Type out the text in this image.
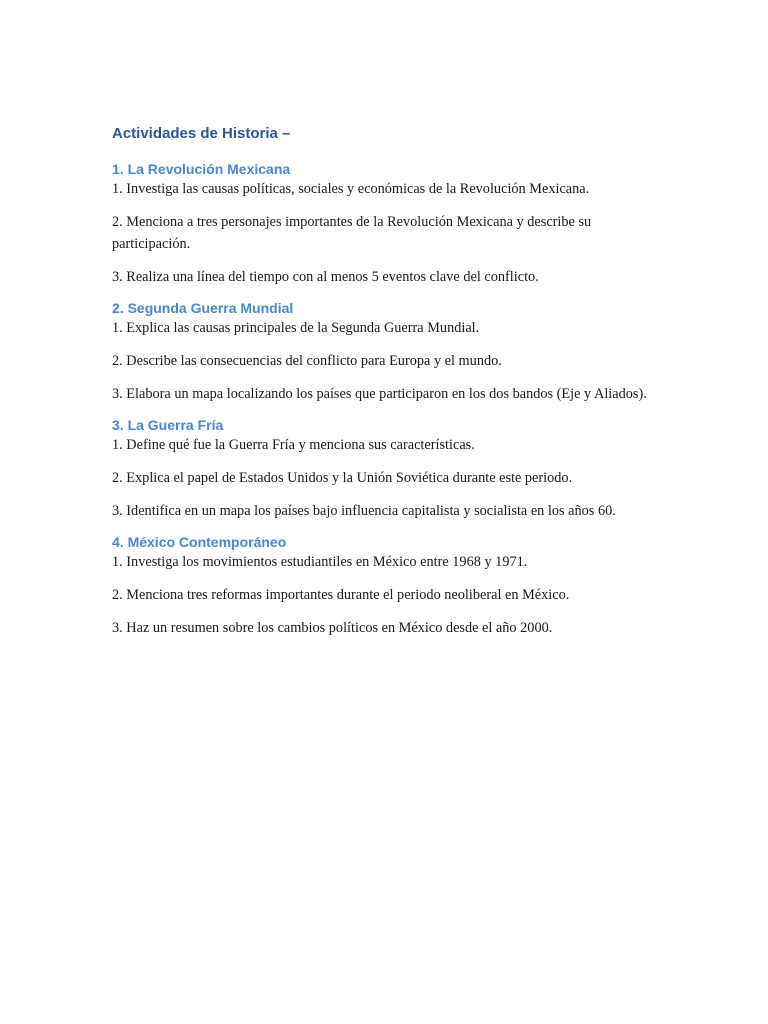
Actividades de Historia –
1. La Revolución Mexicana

1. Investiga las causas políticas, sociales y económicas de la Revolución Mexicana.

2. Menciona a tres personajes importantes de la Revolución Mexicana y describe su participación.

3. Realiza una línea del tiempo con al menos 5 eventos clave del conflicto.

2. Segunda Guerra Mundial

1. Explica las causas principales de la Segunda Guerra Mundial.

2. Describe las consecuencias del conflicto para Europa y el mundo.

3. Elabora un mapa localizando los países que participaron en los dos bandos (Eje y Aliados).

3. La Guerra Fría

1. Define qué fue la Guerra Fría y menciona sus características.

2. Explica el papel de Estados Unidos y la Unión Soviética durante este periodo.

3. Identifica en un mapa los países bajo influencia capitalista y socialista en los años 60.

4. México Contemporáneo

1. Investiga los movimientos estudiantiles en México entre 1968 y 1971.

2. Menciona tres reformas importantes durante el periodo neoliberal en México.

3. Haz un resumen sobre los cambios políticos en México desde el año 2000.
